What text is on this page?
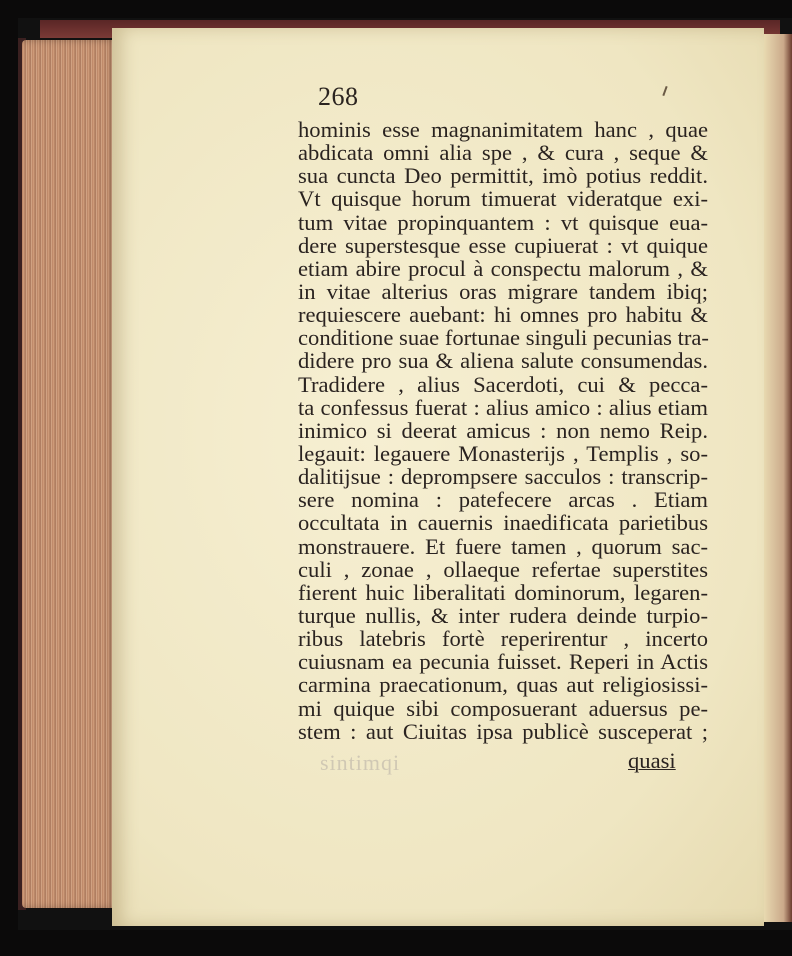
268
hominis esse magnanimitatem hanc , quae
abdicata omni alia spe , & cura , seque &
sua cuncta Deo permittit, imò potius reddit.
Vt quisque horum timuerat videratque exi-
tum vitae propinquantem : vt quisque eua-
dere superstesque esse cupiuerat : vt quique
etiam abire procul à conspectu malorum , &
in vitae alterius oras migrare tandem ibiq;
requiescere auebant: hi omnes pro habitu &
conditione suae fortunae singuli pecunias tra-
didere pro sua & aliena salute consumendas.
Tradidere , alius Sacerdoti, cui & pecca-
ta confessus fuerat : alius amico : alius etiam
inimico si deerat amicus : non nemo Reip.
legauit: legauere Monasterijs , Templis , so-
dalitijsue : deprompsere sacculos : transcrip-
sere nomina : patefecere arcas . Etiam
occultata in cauernis inaedificata parietibus
monstrauere. Et fuere tamen , quorum sac-
culi , zonae , ollaeque refertae superstites
fierent huic liberalitati dominorum, legaren-
turque nullis, & inter rudera deinde turpio-
ribus latebris fortè reperirentur , incerto
cuiusnam ea pecunia fuisset. Reperi in Actis
carmina praecationum, quas aut religiosissi-
mi quique sibi composuerant aduersus pe-
stem : aut Ciuitas ipsa publicè susceperat ;
sintimqi	quasi
